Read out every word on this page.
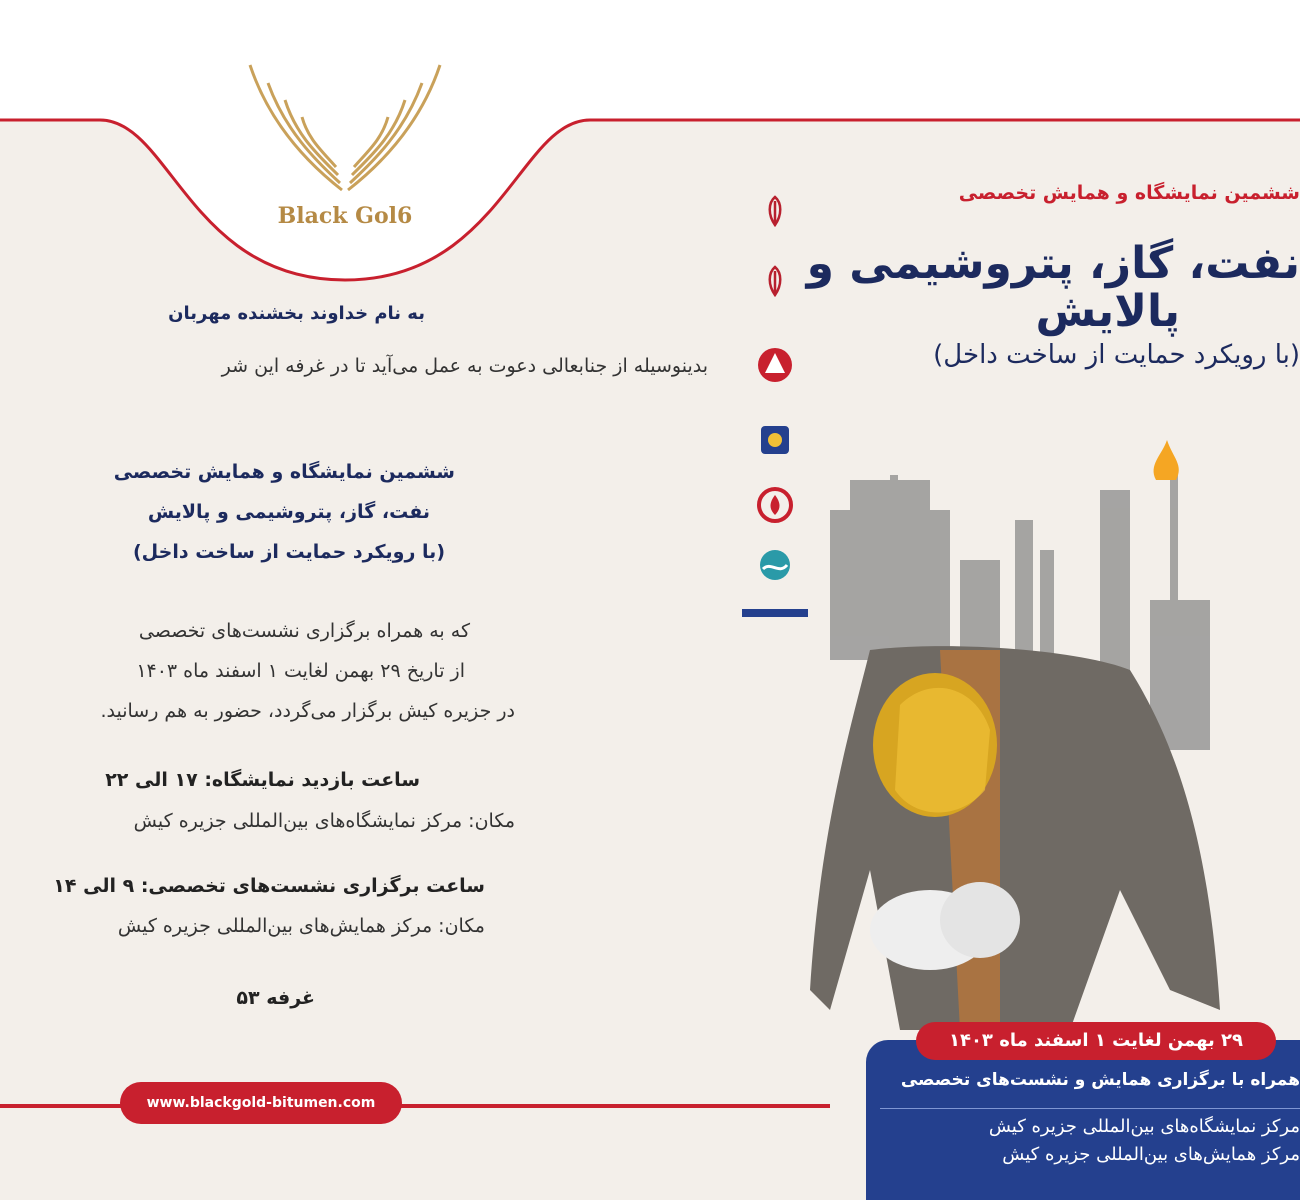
Black Gol6
به نام خداوند بخشنده مهربان
بدینوسیله از جنابعالی دعوت به عمل می‌آید تا در غرفه این شر
ششمین نمایشگاه و همایش تخصصی
نفت، گاز، پتروشیمی و پالایش
(با رویکرد حمایت از ساخت داخل)
که به همراه برگزاری نشست‌های تخصصی
از تاریخ ۲۹ بهمن لغایت ۱ اسفند ماه ۱۴۰۳
در جزیره کیش برگزار می‌گردد، حضور به هم رسانید.
ساعت بازدید نمایشگاه: ۱۷ الی ۲۲
مکان: مرکز نمایشگاه‌های بین‌المللی جزیره کیش
ساعت برگزاری نشست‌های تخصصی: ۹ الی ۱۴
مکان: مرکز همایش‌های بین‌المللی جزیره کیش
غرفه ۵۳
www.blackgold-bitumen.com
ششمین نمایشگاه و همایش تخصصی
نفت، گاز، پتروشیمی و
پالایش
(با رویکرد حمایت از ساخت داخل)
همراه با برگزاری همایش و نشست‌های تخصصی
مرکز نمایشگاه‌های بین‌المللی جزیره کیش
مرکز همایش‌های بین‌المللی جزیره کیش
۲۹ بهمن لغایت ۱ اسفند ماه ۱۴۰۳
